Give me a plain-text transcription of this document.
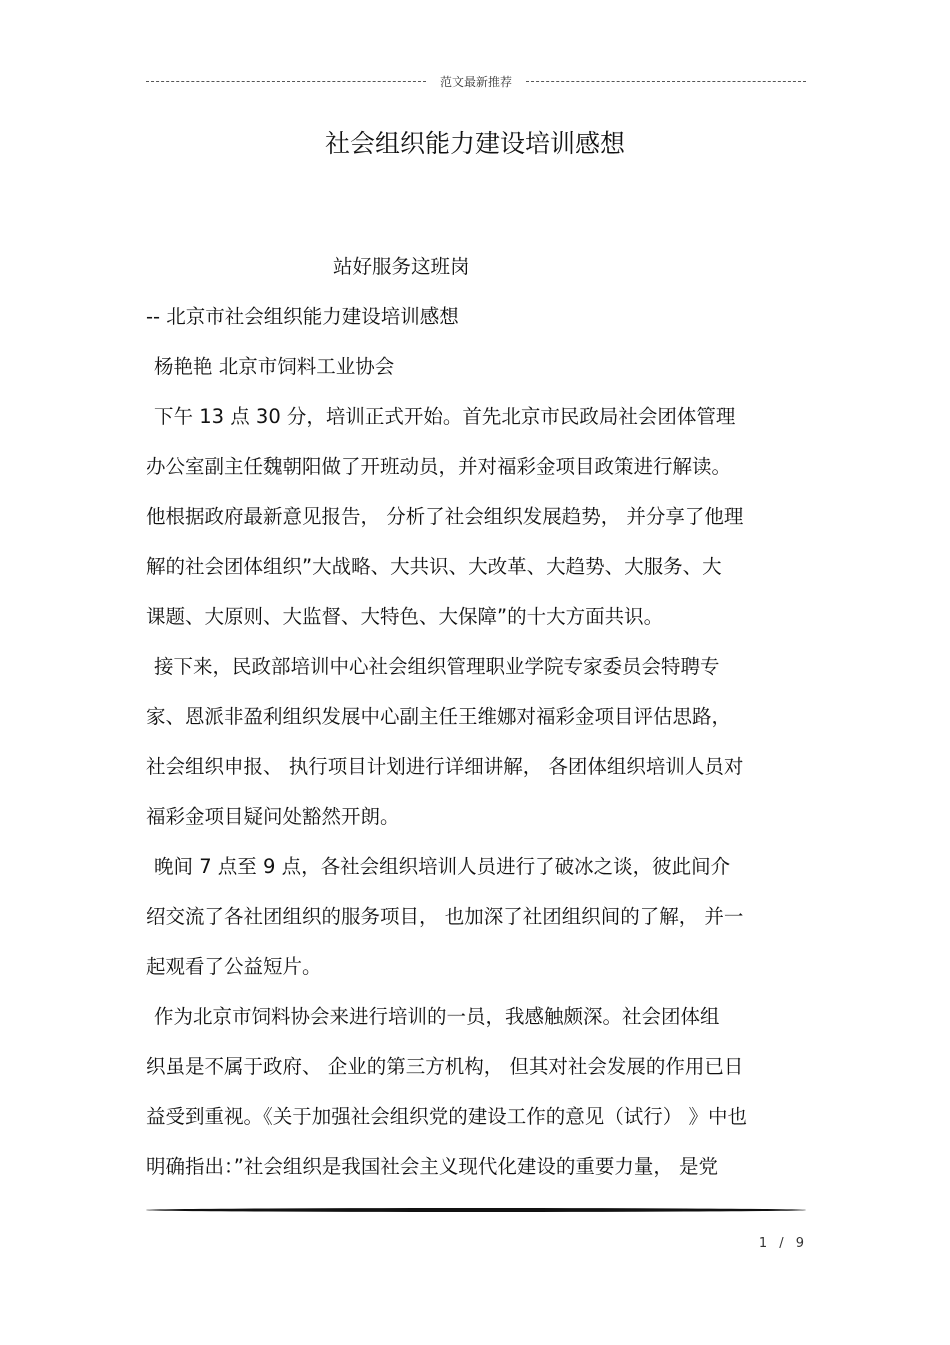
范文最新推荐
社会组织能力建设培训感想

站好服务这班岗

-- 北京市社会组织能力建设培训感想

杨艳艳 北京市饲料工业协会

下午 13 点 30 分，培训正式开始。首先北京市民政局社会团体管理

办公室副主任魏朝阳做了开班动员，并对福彩金项目政策进行解读。

他根据政府最新意见报告， 分析了社会组织发展趋势， 并分享了他理

解的社会团体组织”大战略、大共识、大改革、大趋势、大服务、大

课题、大原则、大监督、大特色、大保障”的十大方面共识。

接下来，民政部培训中心社会组织管理职业学院专家委员会特聘专

家、恩派非盈利组织发展中心副主任王维娜对福彩金项目评估思路，

社会组织申报、 执行项目计划进行详细讲解， 各团体组织培训人员对

福彩金项目疑问处豁然开朗。

晚间 7 点至 9 点，各社会组织培训人员进行了破冰之谈，彼此间介

绍交流了各社团组织的服务项目， 也加深了社团组织间的了解， 并一

起观看了公益短片。

作为北京市饲料协会来进行培训的一员，我感触颇深。社会团体组

织虽是不属于政府、 企业的第三方机构， 但其对社会发展的作用已日

益受到重视。《关于加强社会组织党的建设工作的意见（试行） 》中也

明确指出：”社会组织是我国社会主义现代化建设的重要力量， 是党

1 / 9
